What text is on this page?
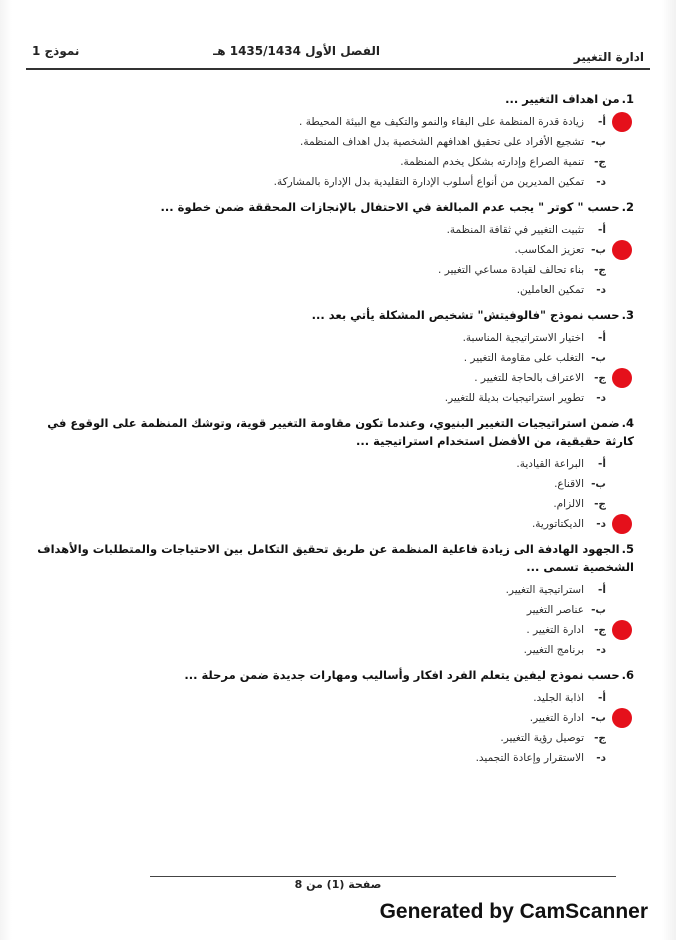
ادارة التغيير
الفصل الأول 1435/1434 هـ
نموذج 1
1.من اهداف التغيير ...
أ-زيادة قدرة المنظمة على البقاء والنمو والتكيف مع البيئة المحيطة .
ب-تشجيع الأفراد على تحقيق اهدافهم الشخصية بدل اهداف المنظمة.
ج-تنمية الصراع وإدارته بشكل يخدم المنظمة.
د-تمكين المديرين من أنواع أسلوب الإدارة التقليدية بدل الإدارة بالمشاركة.
2.حسب " كوتر " يجب عدم المبالغة في الاحتفال بالإنجازات المحققة ضمن خطوة ...
أ-تثبيت التغيير في ثقافة المنظمة.
ب-تعزيز المكاسب.
ج-بناء تحالف لقيادة مساعي التغيير .
د-تمكين العاملين.
3.حسب نموذج "فالوفيتش" تشخيص المشكلة يأتي بعد ...
أ-اختيار الاستراتيجية المناسبة.
ب-التغلب على مقاومة التغيير .
ج-الاعتراف بالحاجة للتغيير .
د-تطوير استراتيجيات بديلة للتغيير.
4.ضمن استراتيجيات التغيير البنيوي، وعندما تكون مقاومة التغيير قوية، وتوشك المنظمة على الوقوع في كارثة حقيقية، من الأفضل استخدام استراتيجية ...
أ-البراعة القيادية.
ب-الاقناع.
ج-الالزام.
د-الديكتاتورية.
5.الجهود الهادفة الى زيادة فاعلية المنظمة عن طريق تحقيق التكامل بين الاحتياجات والمتطلبات والأهداف الشخصية تسمى ...
أ-استراتيجية التغيير.
ب-عناصر التغيير
ج-ادارة التغيير .
د-برنامج التغيير.
6.حسب نموذج ليفين يتعلم الفرد افكار وأساليب ومهارات جديدة ضمن مرحلة ...
أ-اذابة الجليد.
ب-ادارة التغيير.
ج-توصيل رؤية التغيير.
د-الاستقرار وإعادة التجميد.
صفحة (1) من 8
Generated by CamScanner
